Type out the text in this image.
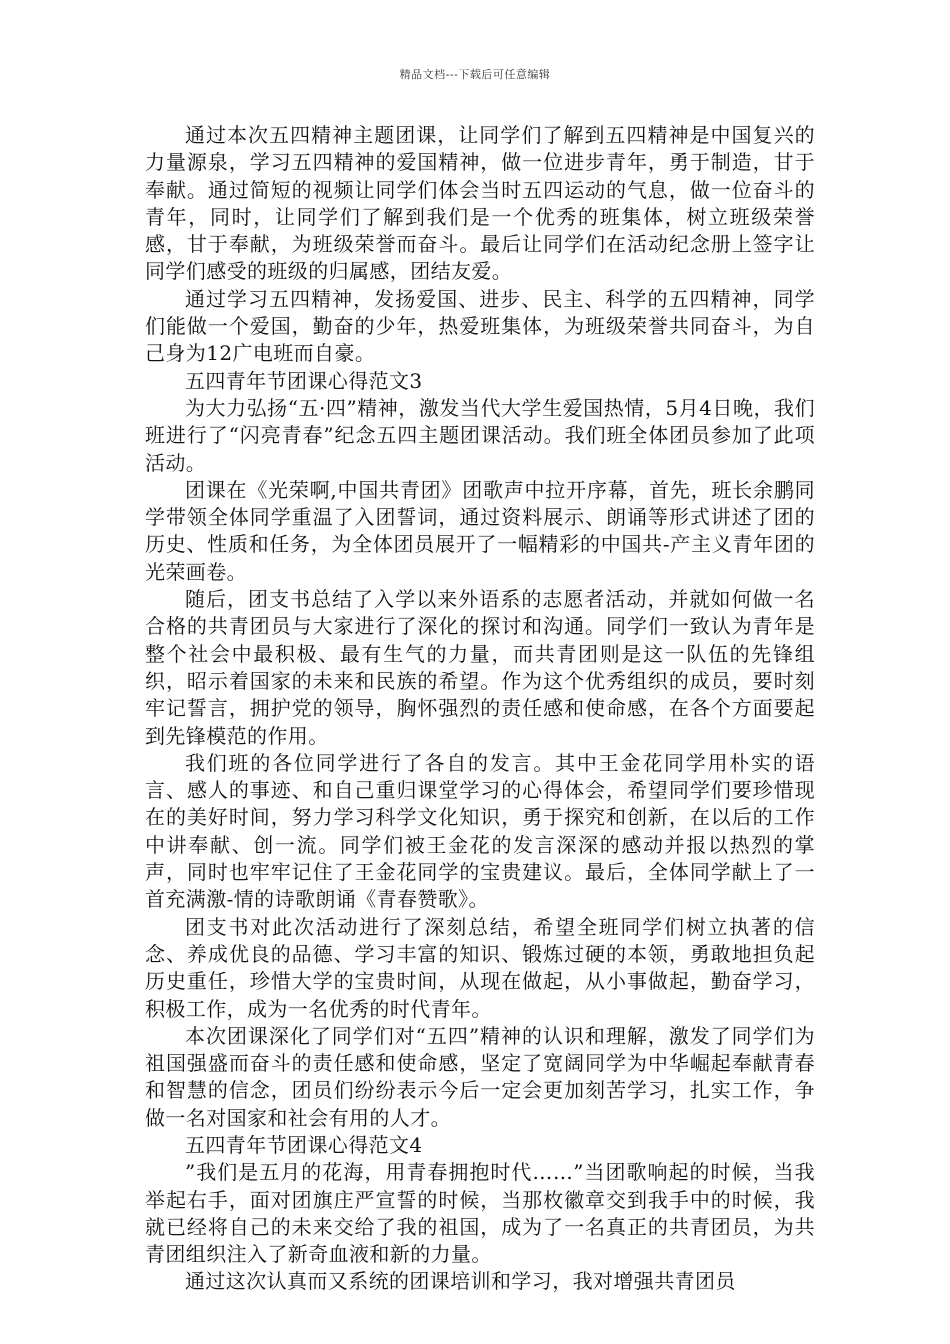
精品文档---下载后可任意编辑

通过本次五四精神主题团课，让同学们了解到五四精神是中国复兴的力量源泉，学习五四精神的爱国精神，做一位进步青年，勇于制造，甘于奉献。通过简短的视频让同学们体会当时五四运动的气息，做一位奋斗的青年，同时，让同学们了解到我们是一个优秀的班集体，树立班级荣誉感，甘于奉献，为班级荣誉而奋斗。最后让同学们在活动纪念册上签字让同学们感受的班级的归属感，团结友爱。

通过学习五四精神，发扬爱国、进步、民主、科学的五四精神，同学们能做一个爱国，勤奋的少年，热爱班集体，为班级荣誉共同奋斗，为自己身为12广电班而自豪。

五四青年节团课心得范文3

为大力弘扬“五·四”精神，激发当代大学生爱国热情，5月4日晚，我们班进行了“闪亮青春”纪念五四主题团课活动。我们班全体团员参加了此项活动。

团课在《光荣啊,中国共青团》团歌声中拉开序幕，首先，班长余鹏同学带领全体同学重温了入团誓词，通过资料展示、朗诵等形式讲述了团的历史、性质和任务，为全体团员展开了一幅精彩的中国共-产主义青年团的光荣画卷。

随后，团支书总结了入学以来外语系的志愿者活动，并就如何做一名合格的共青团员与大家进行了深化的探讨和沟通。同学们一致认为青年是整个社会中最积极、最有生气的力量，而共青团则是这一队伍的先锋组织，昭示着国家的未来和民族的希望。作为这个优秀组织的成员，要时刻牢记誓言，拥护党的领导，胸怀强烈的责任感和使命感，在各个方面要起到先锋模范的作用。

我们班的各位同学进行了各自的发言。其中王金花同学用朴实的语言、感人的事迹、和自己重归课堂学习的心得体会，希望同学们要珍惜现在的美好时间，努力学习科学文化知识，勇于探究和创新，在以后的工作中讲奉献、创一流。同学们被王金花的发言深深的感动并报以热烈的掌声，同时也牢牢记住了王金花同学的宝贵建议。最后，全体同学献上了一首充满激-情的诗歌朗诵《青春赞歌》。

团支书对此次活动进行了深刻总结，希望全班同学们树立执著的信念、养成优良的品德、学习丰富的知识、锻炼过硬的本领，勇敢地担负起历史重任，珍惜大学的宝贵时间，从现在做起，从小事做起，勤奋学习，积极工作，成为一名优秀的时代青年。

本次团课深化了同学们对“五四”精神的认识和理解，激发了同学们为祖国强盛而奋斗的责任感和使命感，坚定了宽阔同学为中华崛起奉献青春和智慧的信念，团员们纷纷表示今后一定会更加刻苦学习，扎实工作，争做一名对国家和社会有用的人才。

五四青年节团课心得范文4

”我们是五月的花海，用青春拥抱时代……”当团歌响起的时候，当我举起右手，面对团旗庄严宣誓的时候，当那枚徽章交到我手中的时候，我就已经将自己的未来交给了我的祖国，成为了一名真正的共青团员，为共青团组织注入了新奇血液和新的力量。

通过这次认真而又系统的团课培训和学习，我对增强共青团员
